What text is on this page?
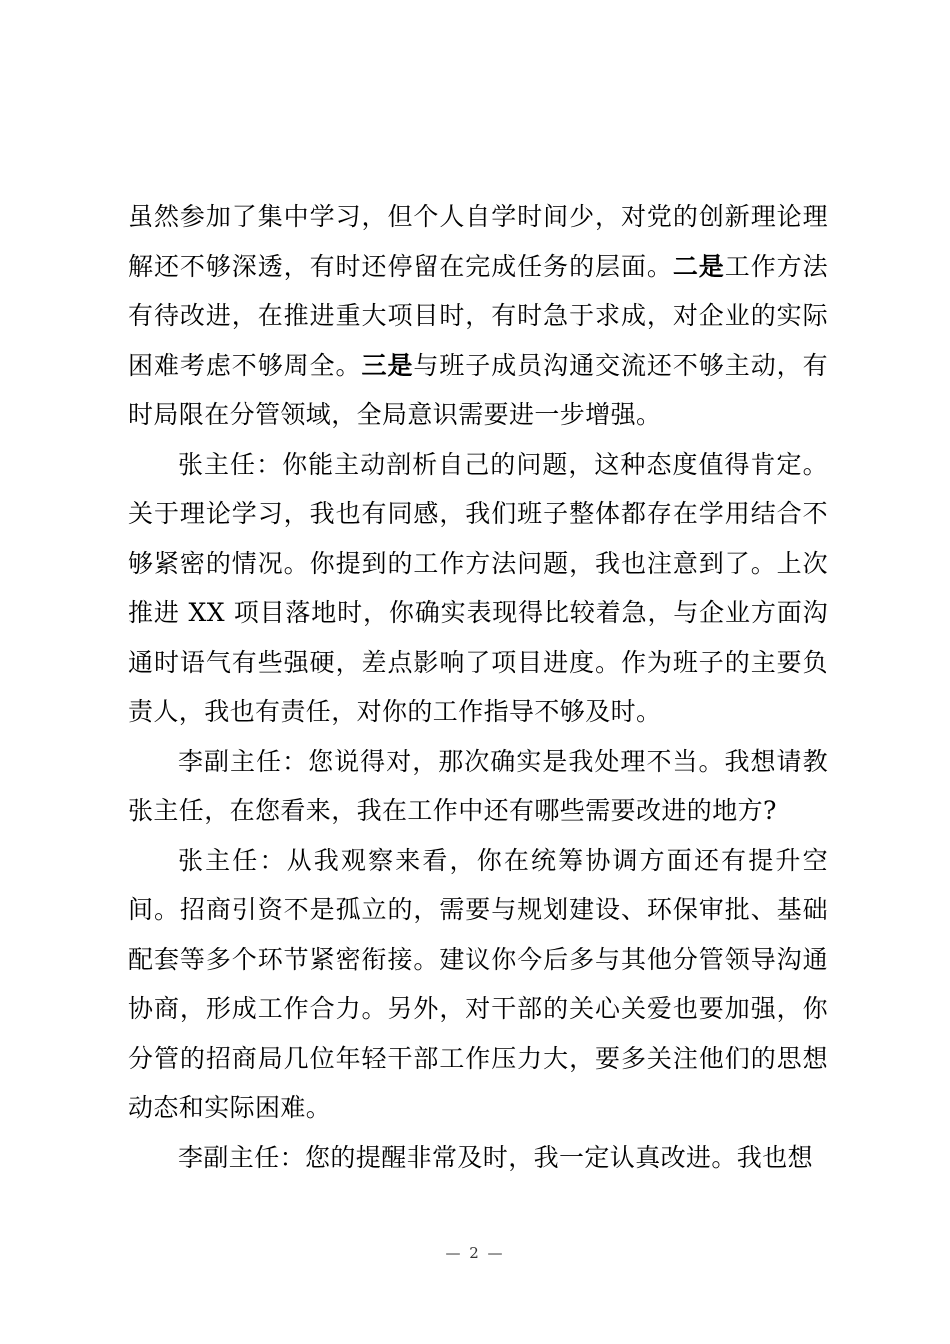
虽然参加了集中学习，但个人自学时间少，对党的创新理论理解还不够深透，有时还停留在完成任务的层面。二是工作方法有待改进，在推进重大项目时，有时急于求成，对企业的实际困难考虑不够周全。三是与班子成员沟通交流还不够主动，有时局限在分管领域，全局意识需要进一步增强。

张主任：你能主动剖析自己的问题，这种态度值得肯定。关于理论学习，我也有同感，我们班子整体都存在学用结合不够紧密的情况。你提到的工作方法问题，我也注意到了。上次推进 XX 项目落地时，你确实表现得比较着急，与企业方面沟通时语气有些强硬，差点影响了项目进度。作为班子的主要负责人，我也有责任，对你的工作指导不够及时。

李副主任：您说得对，那次确实是我处理不当。我想请教张主任，在您看来，我在工作中还有哪些需要改进的地方?

张主任：从我观察来看，你在统筹协调方面还有提升空间。招商引资不是孤立的，需要与规划建设、环保审批、基础配套等多个环节紧密衔接。建议你今后多与其他分管领导沟通协商，形成工作合力。另外，对干部的关心关爱也要加强，你分管的招商局几位年轻干部工作压力大，要多关注他们的思想动态和实际困难。

李副主任：您的提醒非常及时，我一定认真改进。我也想

— 2 —
